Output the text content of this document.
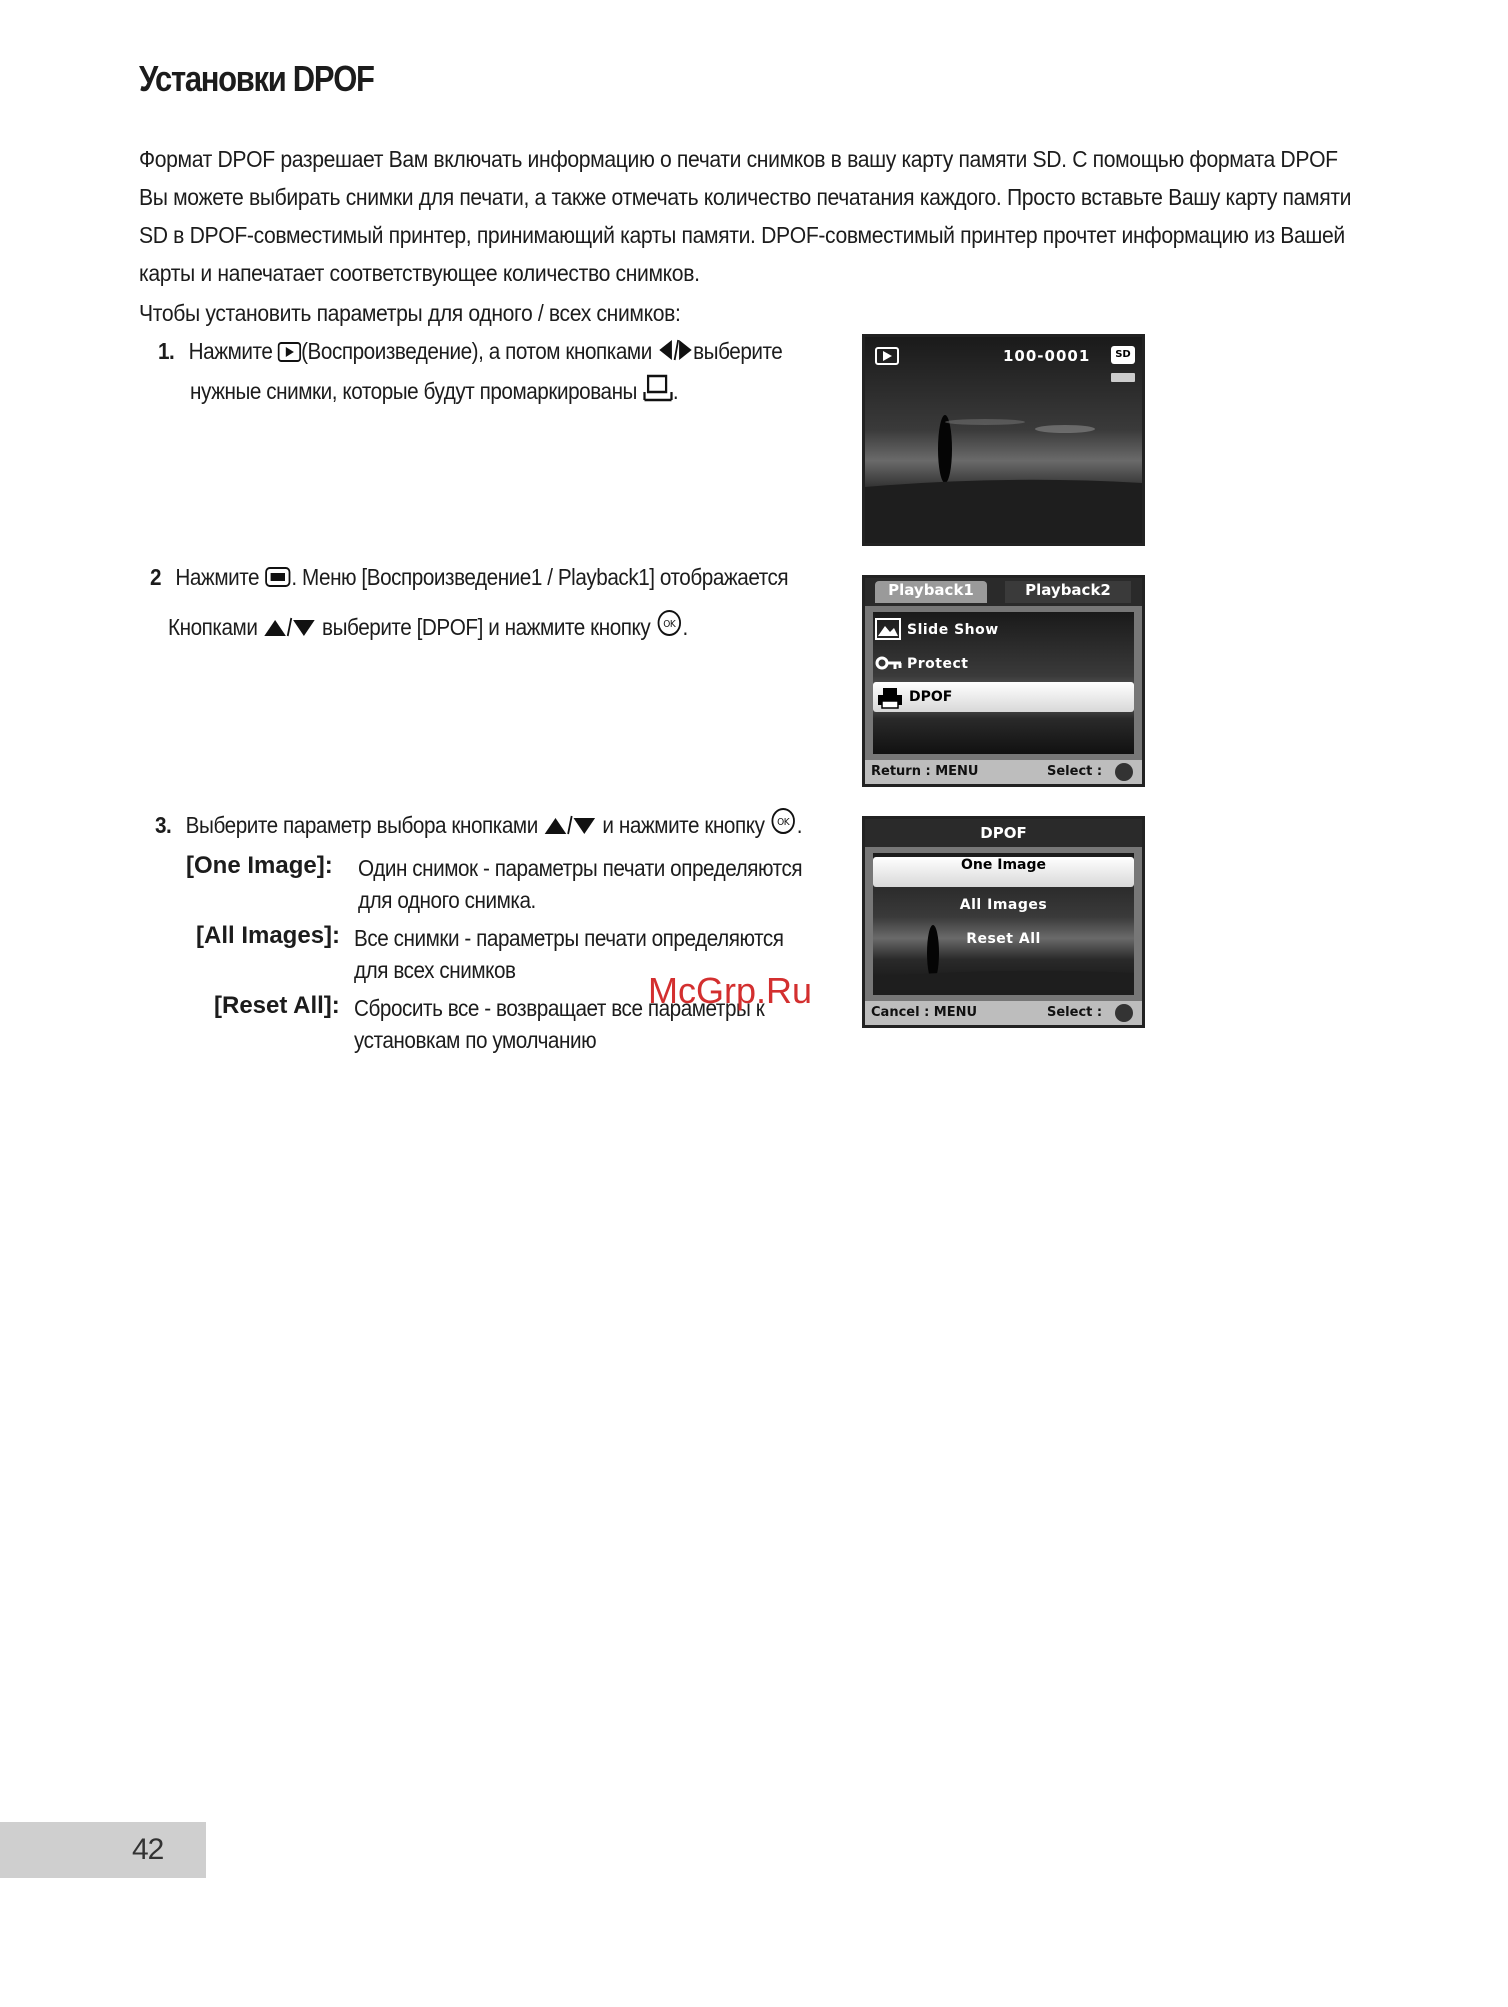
Установки DPOF

Формат DPOF разрешает Вам включать информацию о печати снимков в вашу карту памяти SD. С помощью формата DPOF

Вы можете выбирать снимки для печати, а также отмечать количество печатания каждого. Просто вставьте Вашу карту памяти

SD в DPOF-совместимый принтер, принимающий карты памяти. DPOF-совместимый принтер прочтет информацию из Вашей

карты и напечатает соответствующее количество снимков.

Чтобы установить параметры для одного / всех снимков:
1. Нажмите (Воспроизведение), а потом кнопками выберите
нужные снимки, которые будут промаркированы .
100-0001	SD
2 Нажмите . Меню [Воспроизведение1 / Playback1] отображается
Кнопками	выберите [DPOF] и нажмите кнопку OK .
Playback1	Playback2
Slide Show
Protect
DPOF
Return : MENU	Select :
3. Выберите параметр выбора кнопками	и нажмите кнопку OK .
[One Image]: Один снимок - параметры печати определяются
для одного снимка.
[All Images]: Все снимки - параметры печати определяются
для всех снимков
[Reset All]: Сбросить все - возвращает все параметры к
установкам по умолчанию
DPOF
One Image
All Images
Reset All
Cancel : MENU	Select :
McGrp.Ru
42
